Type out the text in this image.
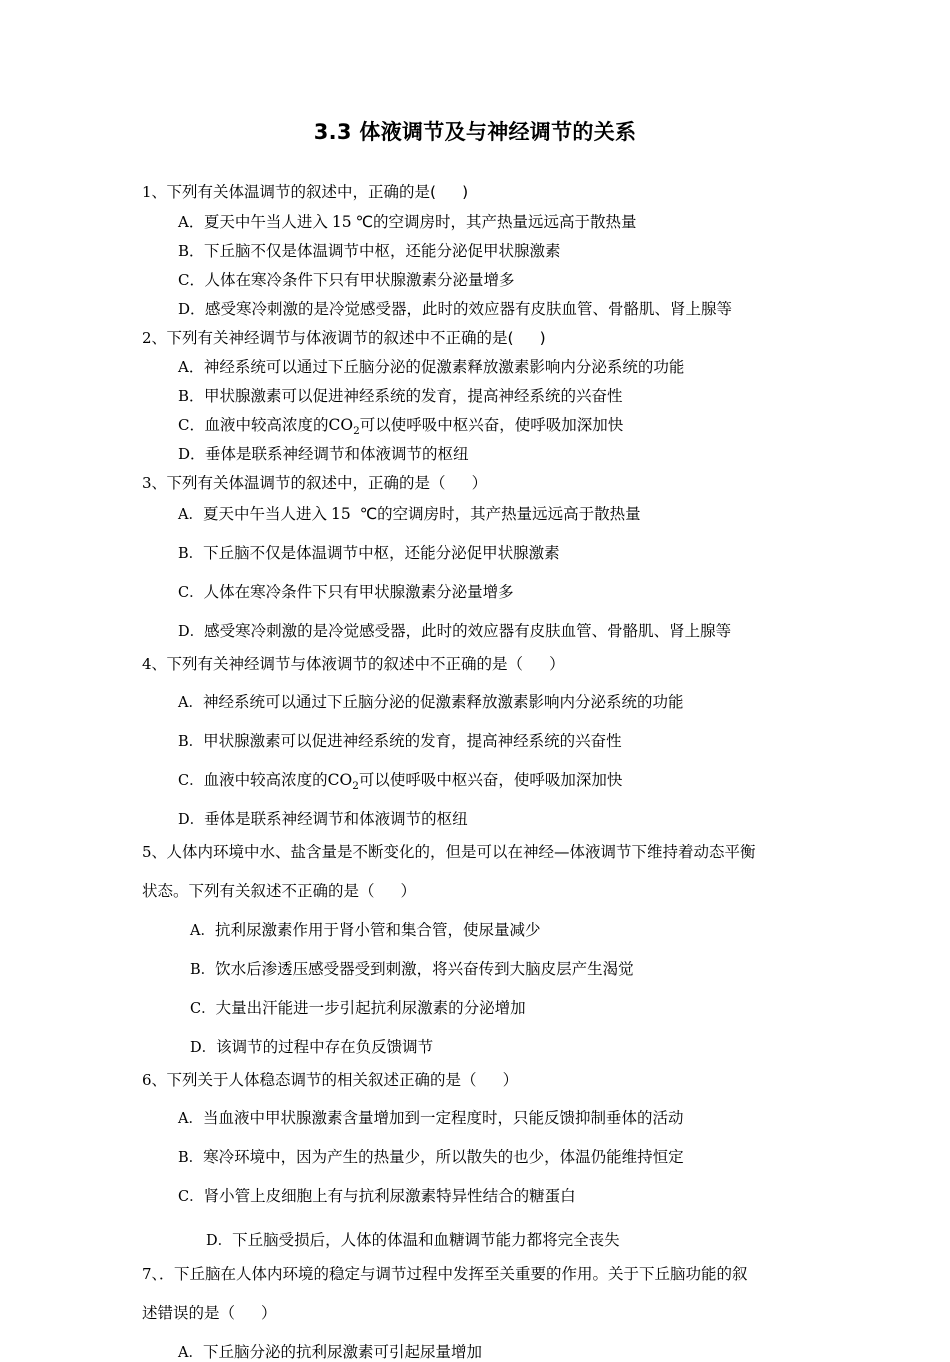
3.3 体液调节及与神经调节的关系
1、下列有关体温调节的叙述中，正确的是( )
A．夏天中午当人进入 15 ℃的空调房时，其产热量远远高于散热量
B．下丘脑不仅是体温调节中枢，还能分泌促甲状腺激素
C．人体在寒冷条件下只有甲状腺激素分泌量增多
D．感受寒冷刺激的是冷觉感受器，此时的效应器有皮肤血管、骨骼肌、肾上腺等
2、下列有关神经调节与体液调节的叙述中不正确的是( )
A．神经系统可以通过下丘脑分泌的促激素释放激素影响内分泌系统的功能
B．甲状腺激素可以促进神经系统的发育，提高神经系统的兴奋性
C．血液中较高浓度的$CO_2$可以使呼吸中枢兴奋，使呼吸加深加快
D．垂体是联系神经调节和体液调节的枢纽
3、下列有关体温调节的叙述中，正确的是（ ）
A．夏天中午当人进入 15 ℃的空调房时，其产热量远远高于散热量
B．下丘脑不仅是体温调节中枢，还能分泌促甲状腺激素
C．人体在寒冷条件下只有甲状腺激素分泌量增多
D．感受寒冷刺激的是冷觉感受器，此时的效应器有皮肤血管、骨骼肌、肾上腺等
4、下列有关神经调节与体液调节的叙述中不正确的是（ ）
A．神经系统可以通过下丘脑分泌的促激素释放激素影响内分泌系统的功能
B．甲状腺激素可以促进神经系统的发育，提高神经系统的兴奋性
C．血液中较高浓度的$CO_2$可以使呼吸中枢兴奋，使呼吸加深加快
D．垂体是联系神经调节和体液调节的枢纽
5、人体内环境中水、盐含量是不断变化的，但是可以在神经—体液调节下维持着动态平衡
状态。下列有关叙述不正确的是（ ）
A．抗利尿激素作用于肾小管和集合管，使尿量减少
B．饮水后渗透压感受器受到刺激，将兴奋传到大脑皮层产生渴觉
C．大量出汗能进一步引起抗利尿激素的分泌增加
D．该调节的过程中存在负反馈调节
6、下列关于人体稳态调节的相关叙述正确的是（ ）
A．当血液中甲状腺激素含量增加到一定程度时，只能反馈抑制垂体的活动
B．寒冷环境中，因为产生的热量少，所以散失的也少，体温仍能维持恒定
C．肾小管上皮细胞上有与抗利尿激素特异性结合的糖蛋白
D．下丘脑受损后，人体的体温和血糖调节能力都将完全丧失
7、．下丘脑在人体内环境的稳定与调节过程中发挥至关重要的作用。关于下丘脑功能的叙
述错误的是（ ）
A．下丘脑分泌的抗利尿激素可引起尿量增加
